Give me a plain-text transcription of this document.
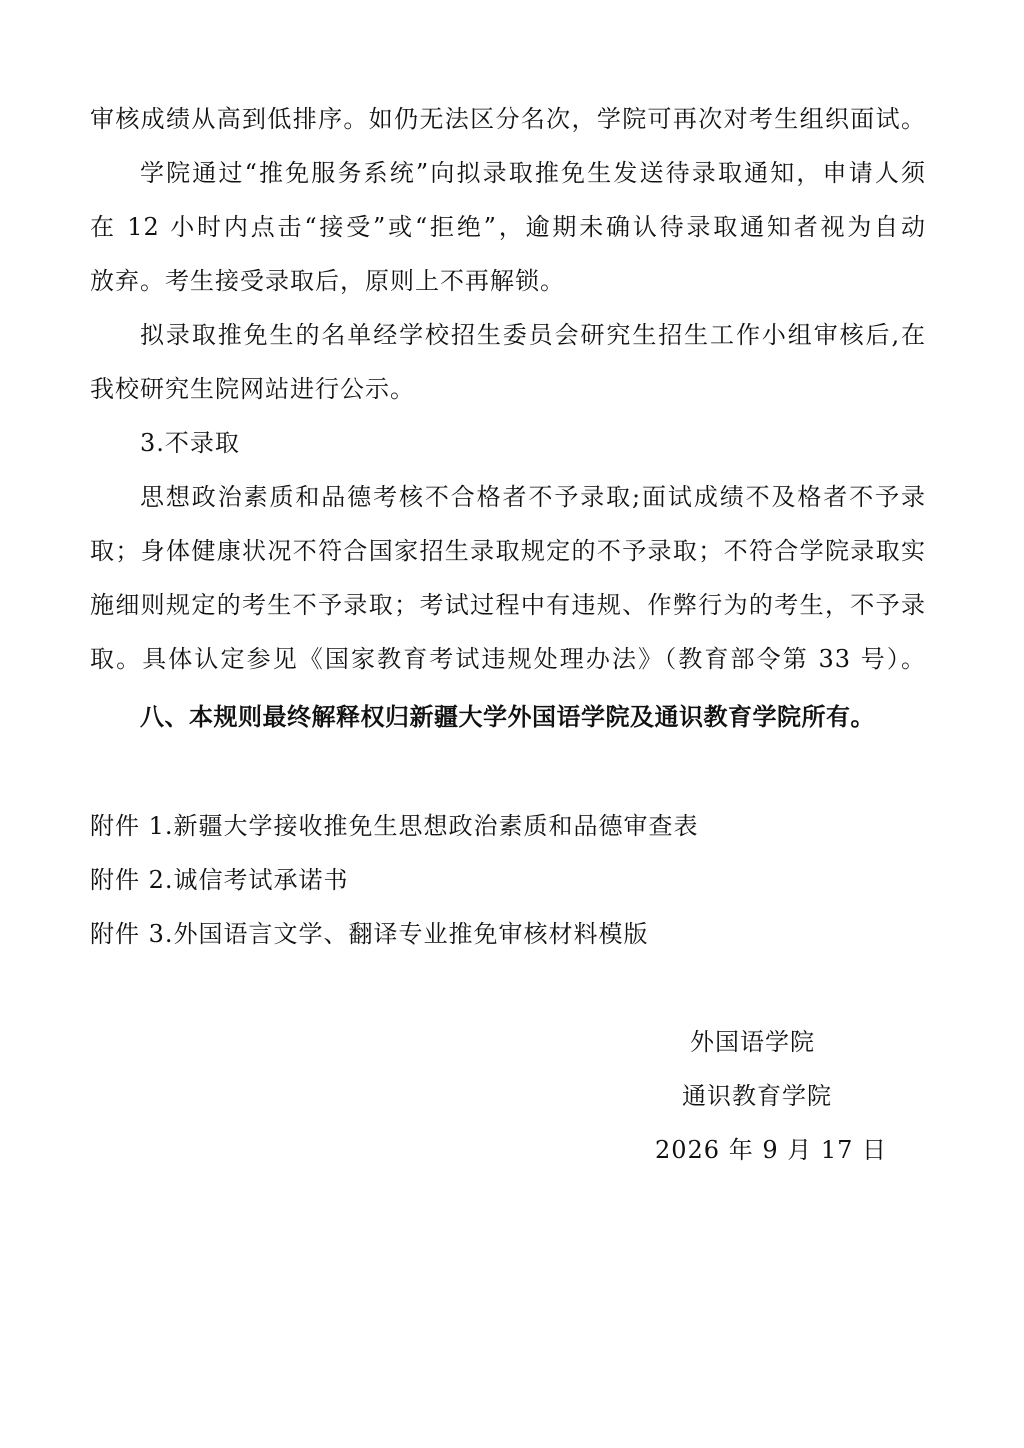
审核成绩从高到低排序。如仍无法区分名次，学院可再次对考生组织面试。
学院通过“推免服务系统”向拟录取推免生发送待录取通知，申请人须
在 12 小时内点击“接受”或“拒绝”，逾期未确认待录取通知者视为自动
放弃。考生接受录取后，原则上不再解锁。
拟录取推免生的名单经学校招生委员会研究生招生工作小组审核后,在
我校研究生院网站进行公示。
3.不录取
思想政治素质和品德考核不合格者不予录取;面试成绩不及格者不予录
取；身体健康状况不符合国家招生录取规定的不予录取；不符合学院录取实
施细则规定的考生不予录取；考试过程中有违规、作弊行为的考生，不予录
取。具体认定参见《国家教育考试违规处理办法》（教育部令第 33 号）。
八、本规则最终解释权归新疆大学外国语学院及通识教育学院所有。
附件 1.新疆大学接收推免生思想政治素质和品德审查表
附件 2.诚信考试承诺书
附件 3.外国语言文学、翻译专业推免审核材料模版
外国语学院
通识教育学院
2026 年 9 月 17 日
